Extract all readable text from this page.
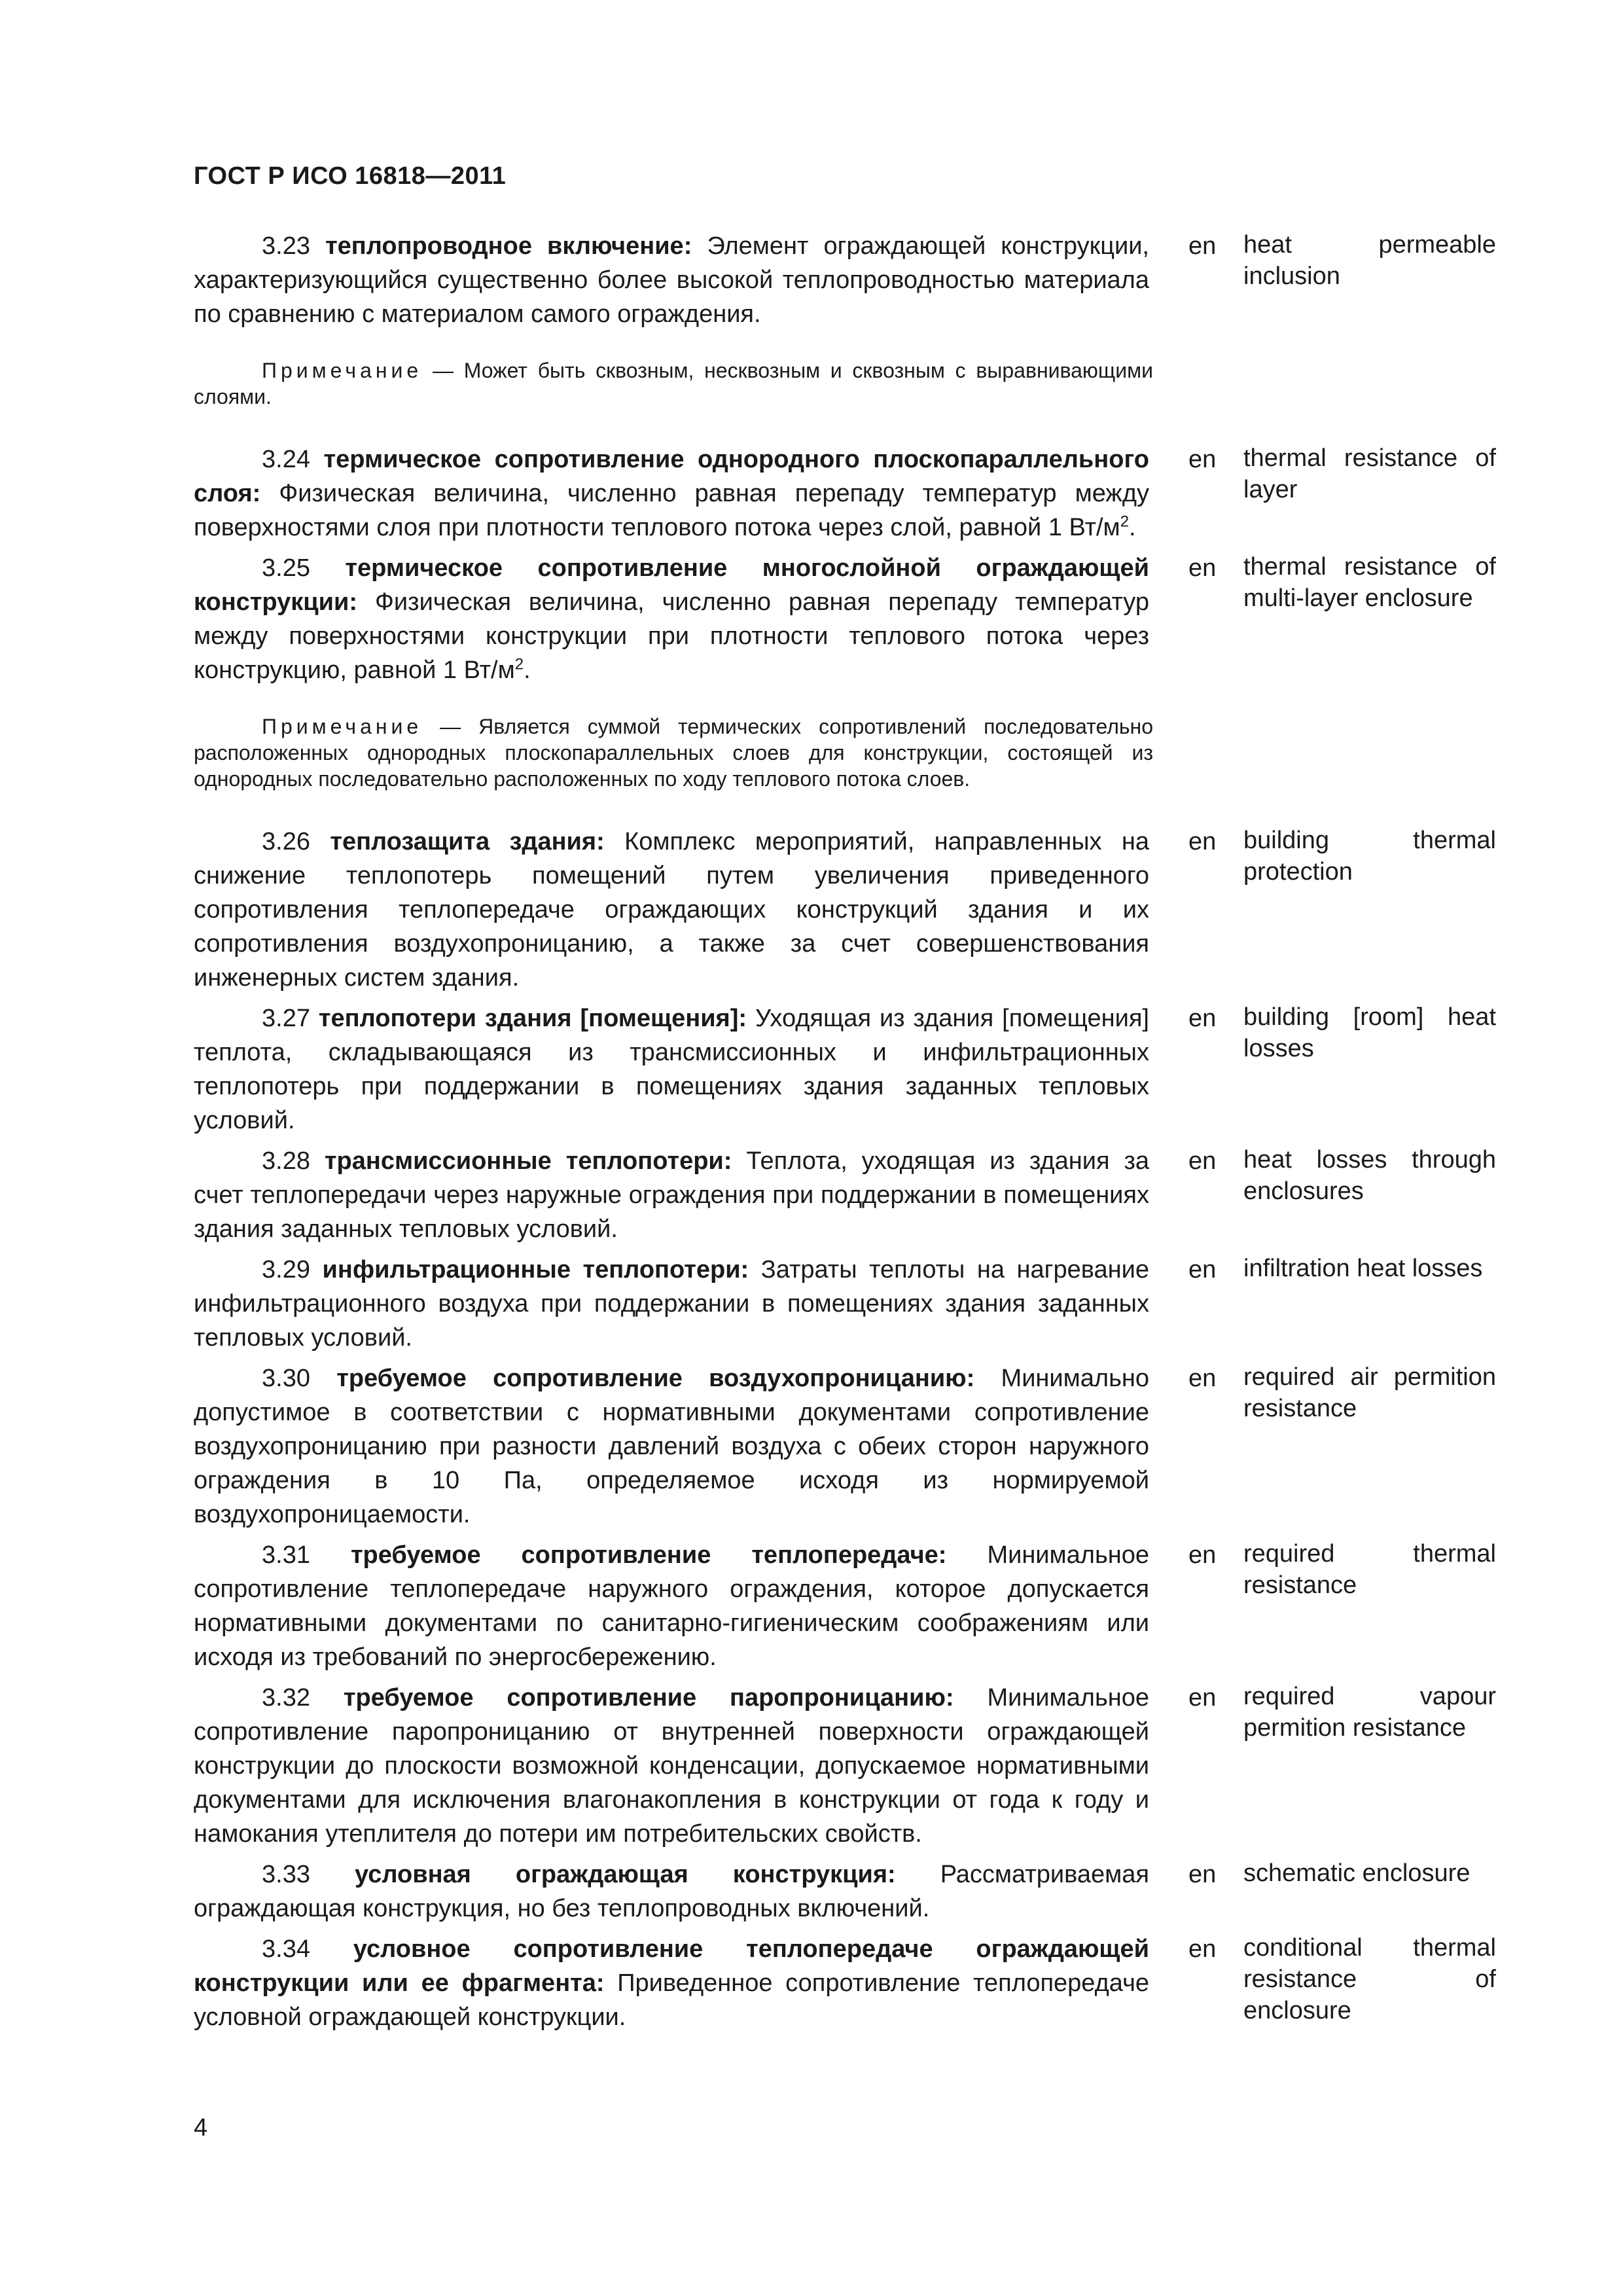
ГОСТ Р ИСО 16818—2011
3.23 теплопроводное включение: Элемент ограждающей конструкции, характеризующийся существенно более высокой теплопроводностью материала по сравнению с материалом самого ограждения.
en	heat permeable inclusion
Примечание — Может быть сквозным, несквозным и сквозным с выравнивающими слоями.
3.24 термическое сопротивление однородного плоскопараллельного слоя: Физическая величина, численно равная перепаду температур между поверхностями слоя при плотности теплового потока через слой, равной 1 $Вт/м^2$.
en	thermal resistance of layer
3.25 термическое сопротивление многослойной ограждающей конструкции: Физическая величина, численно равная перепаду температур между поверхностями конструкции при плотности теплового потока через конструкцию, равной 1 $Вт/м^2$.
en	thermal resistance of multi-layer enclosure
Примечание — Является суммой термических сопротивлений последовательно расположенных однородных плоскопараллельных слоев для конструкции, состоящей из однородных последовательно расположенных по ходу теплового потока слоев.
3.26 теплозащита здания: Комплекс мероприятий, направленных на снижение теплопотерь помещений путем увеличения приведенного сопротивления теплопередаче ограждающих конструкций здания и их сопротивления воздухопроницанию, а также за счет совершенствования инженерных систем здания.
en	building thermal protection
3.27 теплопотери здания [помещения]: Уходящая из здания [помещения] теплота, складывающаяся из трансмиссионных и инфильтрационных теплопотерь при поддержании в помещениях здания заданных тепловых условий.
en	building [room] heat losses
3.28 трансмиссионные теплопотери: Теплота, уходящая из здания за счет теплопередачи через наружные ограждения при поддержании в помещениях здания заданных тепловых условий.
en	heat losses through enclosures
3.29 инфильтрационные теплопотери: Затраты теплоты на нагревание инфильтрационного воздуха при поддержании в помещениях здания заданных тепловых условий.
en	infiltration heat losses
3.30 требуемое сопротивление воздухопроницанию: Минимально допустимое в соответствии с нормативными документами сопротивление воздухопроницанию при разности давлений воздуха с обеих сторон наружного ограждения в 10 Па, определяемое исходя из нормируемой воздухопроницаемости.
en	required air permition resistance
3.31 требуемое сопротивление теплопередаче: Минимальное сопротивление теплопередаче наружного ограждения, которое допускается нормативными документами по санитарно-гигиеническим соображениям или исходя из требований по энергосбережению.
en	required thermal resistance
3.32 требуемое сопротивление паропроницанию: Минимальное сопротивление паропроницанию от внутренней поверхности ограждающей конструкции до плоскости возможной конденсации, допускаемое нормативными документами для исключения влагонакопления в конструкции от года к году и намокания утеплителя до потери им потребительских свойств.
en	required vapour permition resistance
3.33 условная ограждающая конструкция: Рассматриваемая ограждающая конструкция, но без теплопроводных включений.
en	schematic enclosure
3.34 условное сопротивление теплопередаче ограждающей конструкции или ее фрагмента: Приведенное сопротивление теплопередаче условной ограждающей конструкции.
en	conditional thermal resistance of enclosure
4
